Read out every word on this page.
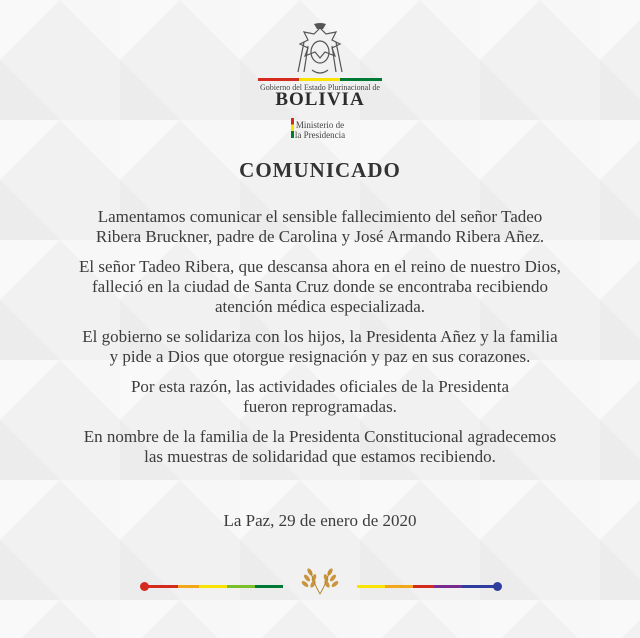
Gobierno del Estado Plurinacional de
BOLIVIA
Ministerio de
la Presidencia
COMUNICADO

Lamentamos comunicar el sensible fallecimiento del señor Tadeo
Ribera Bruckner, padre de Carolina y José Armando Ribera Añez.

El señor Tadeo Ribera, que descansa ahora en el reino de nuestro Dios,
falleció en la ciudad de Santa Cruz donde se encontraba recibiendo
atención médica especializada.

El gobierno se solidariza con los hijos, la Presidenta Añez y la familia
y pide a Dios que otorgue resignación y paz en sus corazones.

Por esta razón, las actividades oficiales de la Presidenta
fueron reprogramadas.

En nombre de la familia de la Presidenta Constitucional agradecemos
las muestras de solidaridad que estamos recibiendo.

La Paz, 29 de enero de 2020
